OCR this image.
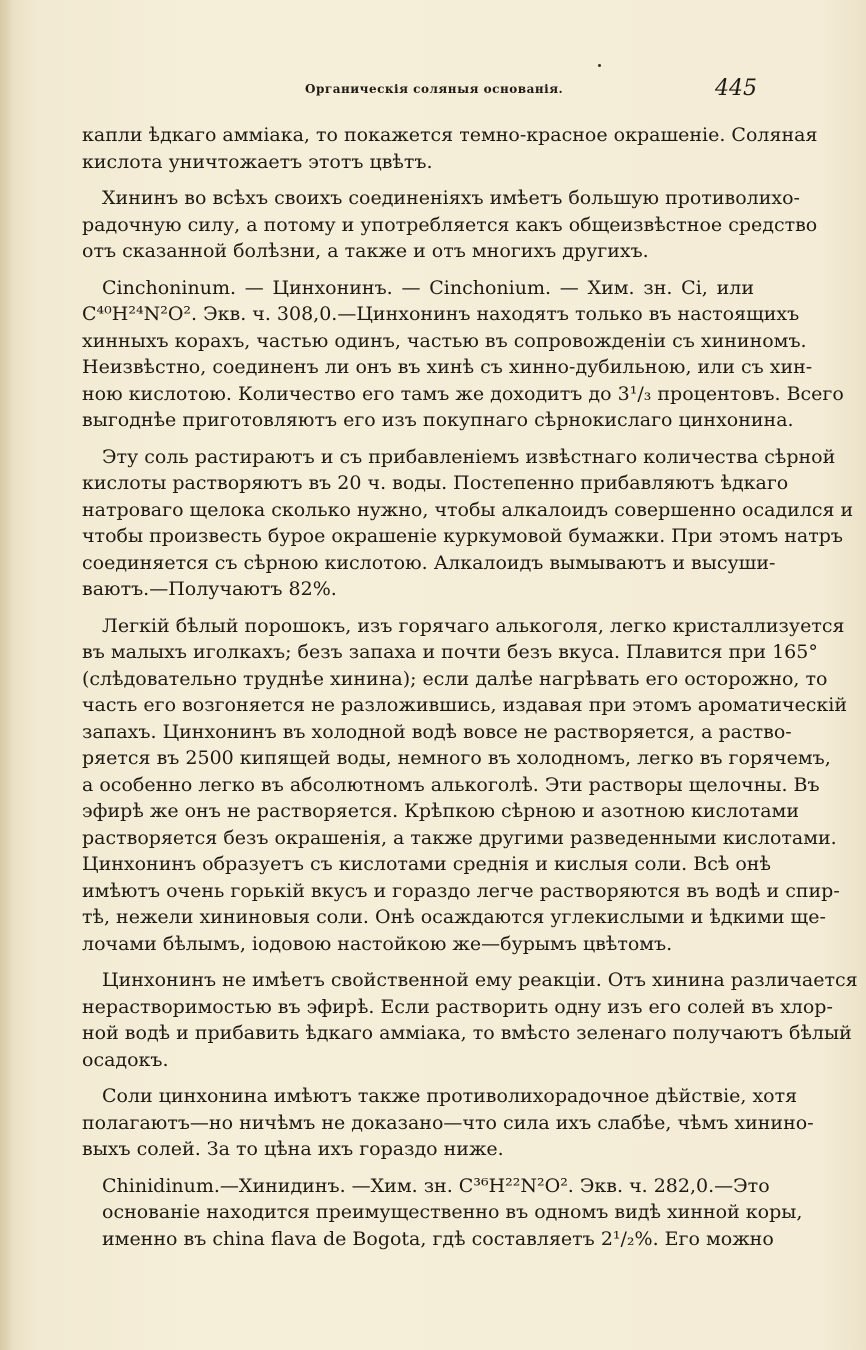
Органическія соляныя основанія.	445

капли ѣдкаго амміака, то покажется темно-красное окрашеніе. Соляная
кислота уничтожаетъ этотъ цвѣтъ.

Хининъ во всѣхъ своихъ соединеніяхъ имѣетъ большую противолихо-
радочную силу, а потому и употребляется какъ общеизвѣстное средство
отъ сказанной болѣзни, а также и отъ многихъ другихъ.

Cinchoninum. — Цинхонинъ. — Cinchonium. — Хим. зн. Ci, или
C⁴⁰H²⁴N²O². Экв. ч. 308,0.—Цинхонинъ находятъ только въ настоящихъ
хинныхъ корахъ, частью одинъ, частью въ сопровожденіи съ хининомъ.
Неизвѣстно, соединенъ ли онъ въ хинѣ съ хинно-дубильною, или съ хин-
ною кислотою. Количество его тамъ же доходитъ до 3¹/₃ процентовъ. Всего
выгоднѣе приготовляютъ его изъ покупнаго сѣрнокислаго цинхонина.

Эту соль растираютъ и съ прибавленіемъ извѣстнаго количества сѣрной
кислоты растворяютъ въ 20 ч. воды. Постепенно прибавляютъ ѣдкаго
натроваго щелока сколько нужно, чтобы алкалоидъ совершенно осадился и
чтобы произвесть бурое окрашеніе куркумовой бумажки. При этомъ натръ
соединяется съ сѣрною кислотою. Алкалоидъ вымываютъ и высуши-
ваютъ.—Получаютъ 82%.

Легкій бѣлый порошокъ, изъ горячаго алькоголя, легко кристаллизуется
въ малыхъ иголкахъ; безъ запаха и почти безъ вкуса. Плавится при 165°
(слѣдовательно труднѣе хинина); если далѣе нагрѣвать его осторожно, то
часть его возгоняется не разложившись, издавая при этомъ ароматическій
запахъ. Цинхонинъ въ холодной водѣ вовсе не растворяется, а раство-
ряется въ 2500 кипящей воды, немного въ холодномъ, легко въ горячемъ,
а особенно легко въ абсолютномъ алькоголѣ. Эти растворы щелочны. Въ
эфирѣ же онъ не растворяется. Крѣпкою сѣрною и азотною кислотами
растворяется безъ окрашенія, а также другими разведенными кислотами.
Цинхонинъ образуетъ съ кислотами среднія и кислыя соли. Всѣ онѣ
имѣютъ очень горькій вкусъ и гораздо легче растворяются въ водѣ и спир-
тѣ, нежели хининовыя соли. Онѣ осаждаются углекислыми и ѣдкими ще-
лочами бѣлымъ, іодовою настойкою же—бурымъ цвѣтомъ.

Цинхонинъ не имѣетъ свойственной ему реакціи. Отъ хинина различается
нерастворимостью въ эфирѣ. Если растворить одну изъ его солей въ хлор-
ной водѣ и прибавить ѣдкаго амміака, то вмѣсто зеленаго получаютъ бѣлый
осадокъ.

Соли цинхонина имѣютъ также противолихорадочное дѣйствіе, хотя
полагаютъ—но ничѣмъ не доказано—что сила ихъ слабѣе, чѣмъ хинино-
выхъ солей. За то цѣна ихъ гораздо ниже.

Chinidinum.—Хинидинъ. —Хим. зн. C³⁶H²²N²O². Экв. ч. 282,0.—Это
основаніе находится преимущественно въ одномъ видѣ хинной коры,
именно въ china flava de Bogota, гдѣ составляетъ 2¹/₂%. Его можно
